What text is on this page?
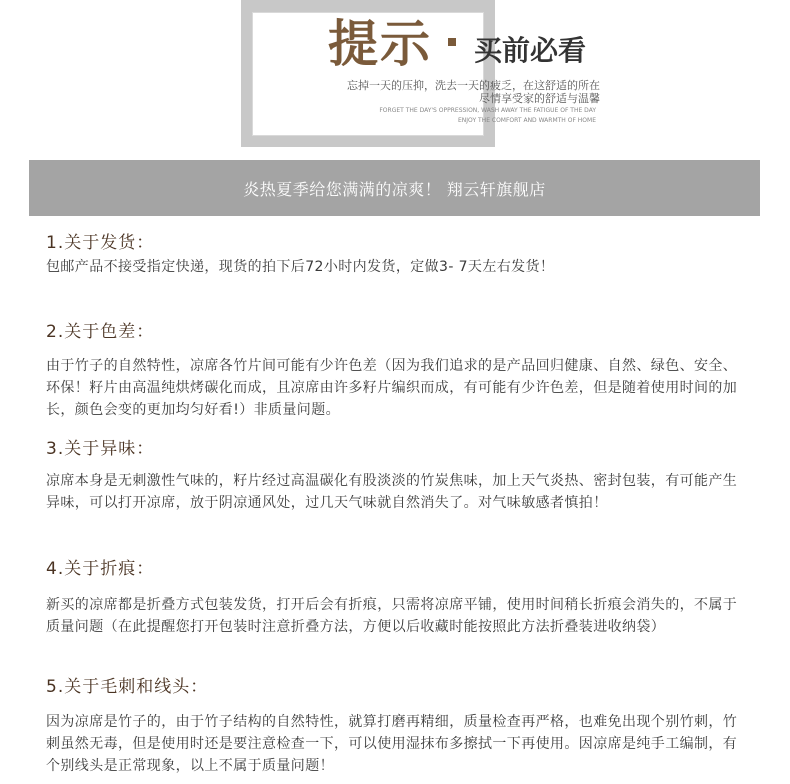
提示 买前必看
忘掉一天的压抑，洗去一天的疲乏，在这舒适的所在
尽情享受家的舒适与温馨
FORGET THE DAY'S OPPRESSION, WASH AWAY THE FATIGUE OF THE DAY
ENJOY THE COMFORT AND WARMTH OF HOME
炎热夏季给您满满的凉爽！ 翔云轩旗舰店
1.关于发货：
包邮产品不接受指定快递，现货的拍下后72小时内发货，定做3- 7天左右发货！
2.关于色差：
由于竹子的自然特性，凉席各竹片间可能有少许色差（因为我们追求的是产品回归健康、自然、绿色、安全、环保！籽片由高温纯烘烤碳化而成，且凉席由许多籽片编织而成，有可能有少许色差，但是随着使用时间的加长，颜色会变的更加均匀好看!）非质量问题。
3.关于异味：
凉席本身是无刺激性气味的，籽片经过高温碳化有股淡淡的竹炭焦味，加上天气炎热、密封包装，有可能产生异味，可以打开凉席，放于阴凉通风处，过几天气味就自然消失了。对气味敏感者慎拍！
4.关于折痕：
新买的凉席都是折叠方式包装发货，打开后会有折痕，只需将凉席平铺，使用时间稍长折痕会消失的，不属于质量问题（在此提醒您打开包装时注意折叠方法，方便以后收藏时能按照此方法折叠装进收纳袋）
5.关于毛刺和线头：
因为凉席是竹子的，由于竹子结构的自然特性，就算打磨再精细，质量检查再严格，也难免出现个别竹刺，竹刺虽然无毒，但是使用时还是要注意检查一下，可以使用湿抹布多擦拭一下再使用。因凉席是纯手工编制，有个别线头是正常现象，以上不属于质量问题！
